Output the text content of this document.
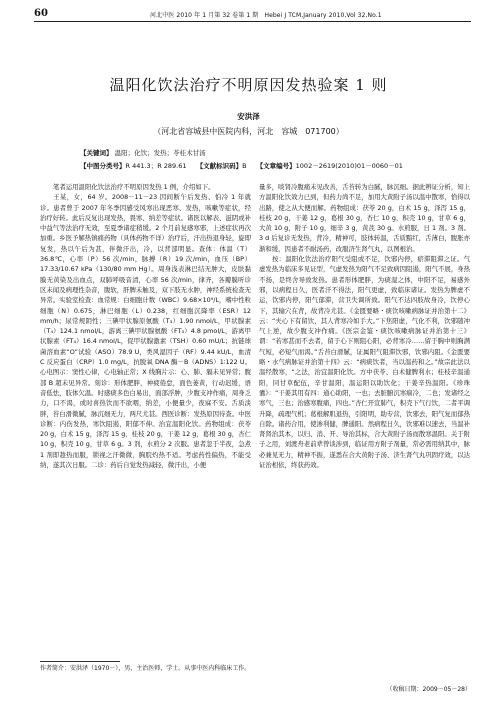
60	河北中医 2010 年 1 月第 32 卷第 1 期　Hebei J TCM,January 2010,Vol 32,No.1
温阳化饮法治疗不明原因发热验案 1 则
安洪泽
（河北省容城县中医院内科，河北　容城　071700）
【关键词】 温阳；化饮；发热；苓桂术甘汤
【中图分类号】R 441.3；R 289.61 【文献标识码】B 【文章编号】1002－2619(2010)01－0060－01

笔者运用温阳化饮法治疗不明原因发热 1 例，介绍如下。

王某，女，64 岁。2008－11－23 因间断午后发热、怕冷 1 年就诊。患者曾于 2007 年冬季因感受风寒出现恶寒、发热，咳嗽等症状，经治疗好转。此后反复出现发热，畏寒、纳差等症状。诸医以解表、滋阴或补中益气等法治疗无效，至夏季诸症稍缓。2 个月前复感寒邪，上述症状再次加重。乡医予解热镇痛药物（具体药物不详）治疗后，汗出热退身轻，旋即复发，热以午后为甚，伴微汗出，冷，以背部明显。查体：体温（T）36.8℃，心率（P）56 次/min，脉搏（R）19 次/min，血压（BP）17.33/10.67 kPa（130/80 mm Hg）。周身浅表淋巴结无肿大，皮肤黏膜无黄染及出血点，双肺呼吸音清，心率 56 次/min，律齐，各瓣膜听诊区未闻及病理性杂音，腹软，肝脾未触及，双下肢无水肿，神经系统检查无异常。实验室检查：血常规：白细胞计数（WBC）9.68×10⁹/L，嗜中性粒细胞（N）0.675，淋巴细胞（L）0.238，红细胞沉降率（ESR）12 mm/h；尿常规阴性；三碘甲状腺原氨酸（T₃）1.90 nmol/L，甲状腺素（T₄）124.1 nmol/L，游离三碘甲状腺氨酸（FT₃）4.8 pmol/L，游离甲状腺素（FT₄）16.4 nmol/L，促甲状腺激素（TSH）0.60 mU/L；抗链球菌溶血素“O”试验（ASO）78.9 U，类风湿因子（RF）9.44 kU/L，血清 C 反应蛋白（CRP）1.0 mg/L，抗脱氧 DNA 酶－B（ADNS）1∶122 U。心电图示：窦性心律，心电轴正常；X 线胸片示：心、肺、膈未见异常；腹部 B 超未见异常。刻诊：形体肥胖，神疲倦怠，面色萎黄，行动迟缓，语音低怯，肢体欠温。时感痰多色白易出，面部浮肿，少腹支冲作痛，周身乏力，口不渴，或时喜热饮而不欲咽，纳差，小便量少，夜寐不安。舌质淡胖，苔白滑微腻，脉沉细无力，两尺尤甚。西医诊断：发热原因待查。中医诊断：内伤发热，寒饮阻遏，阳郁不伸。治宜温阳化饮。药物组成：茯苓 20 g，白术 15 g，泽泻 15 g，桂枝 20 g，干姜 12 g，葛根 30 g，杏仁 10 g，积壳 10 g，甘草 6 g。3 剂，水煎分 2 次服。患者忽于半夜，急煮 1 剂即趁热而服，锁视之汗微微，胸脘灼热不适。考虑药性偏热，不能受纳，遂其次日服。二诊：药后自觉发热减轻，微汗出，小便

量多，啖肾冷腹痛未见改善，舌苔转为白腻，脉沉细。据此辨证分析，知上方温阳化饮效力已到，但药力尚不足，加用大黄附子汤以温中散寒，恰得以出路，使之从大便而解。药物组成：茯苓 20 g，白术 15 g，泽泻 15 g，桂枝 20 g，干姜 12 g，葛根 30 g，杏仁 10 g，积壳 10 g，甘草 6 g，大黄 10 g，附子 10 g，细辛 3 g，黄芪 30 g。水煎服，日 1 剂。3 剂。3 d 后复诊无发热，背冷，精神可，肢体转温，舌质黯红，舌薄白，腹胀亦渐和缓，因患者不耐汤药，改服济生肾气丸，以图根治。

按：温阳化饮法治疗阳气受阻或不足，饮邪内停，瘀滞阻滞之证。气虚发热为临床多见证型，气虚发热为阳气不足致病因阻遏，阳气不展，身热不扬，是终舍导致发热。患者形体肥胖，为痰湿之体，中阳不足，易感外邪，以病程日久，医者汗不得法，阳气更虚，致临床诸证。发热为脾虚不运，饮邪内停，阳气郁滞，营卫失调所致。阳气不达四肢故身冷，饮停心下，其输穴在背，故背冷尤甚。《金匮要略・痰饮咳嗽病脉证并治第十二》云：“夫心下有留饮，其人背寒冷如手大。”下焦阳虚，气化不利，饮邪随冲气上逆，故少腹支冲作痛。《医宗金鉴・痰饮咳嗽病脉证并治第十三》谓：“若寒甚而不去者，留于心下则阻心阳，必背寒冷……留于胸中则胸满气短，必短气而渴。”舌苔白滑腻，证属阳气阻滞饮邪，饮邪内阻。《金匮要略・水气病脉证并治第十四》云：“病痰饮者，当以温药和之。”故宗此法以温经散寒，“之法，治宜温阳化饮。方中茯苓、白术健脾利水；桂枝辛温通阳，同甘草配伍，辛甘温阳，温运阳以助饮化；干姜辛热温阳。《珍珠囊》：“干姜其用有四：通心助阳，一也；去脏腑沉寒痼冷，二也；发诸经之寒气，三也；治感寒腹痛，四也。”杏仁开宣肺气，积壳下气行饮，二者平调升降，疏理气机；葛根解肌退热，引阳明，助专营，饮邪去，阳气复而郁热自除。诸药合用，使渗利健，脾通阳。然病程日久，饮邪难以速去，当温补肾肾治其本，以归、消、开、导治其标，合大黄附子汤而散寒温阳。关于附子之用，刘渡舟老前辈曾谈涉到，临证用方附子剂量，常必需用纳其中，脉必兼见无力，精神不振，遂悉在合大黄附子汤、济生肾气丸巩固疗效，以达证治相依，终获药效。

（收稿日期：2009－05－28）
作者简介：安洪泽（1970－），男，主治医师，学士。从事中医内科临床工作。
